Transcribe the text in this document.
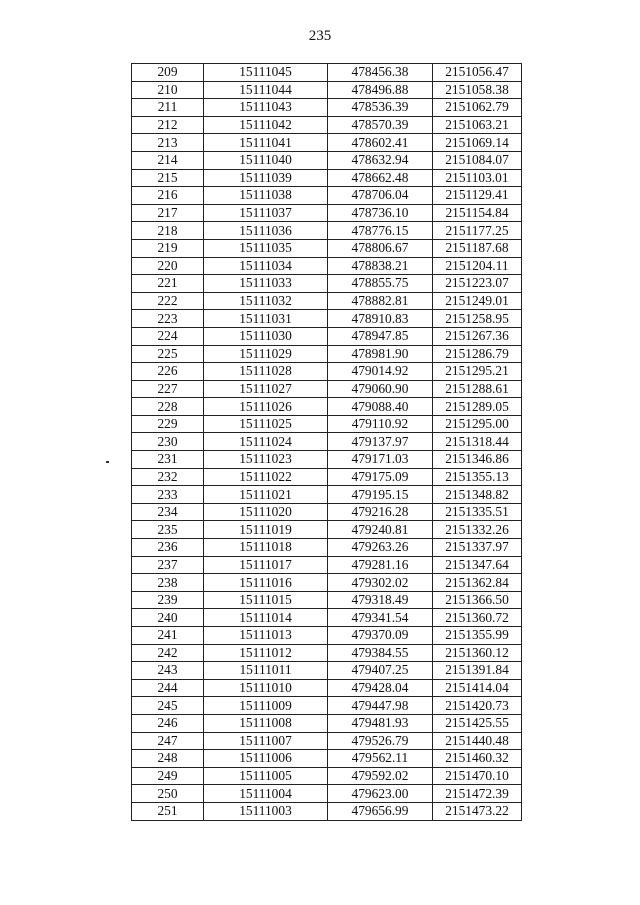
235
209	15111045	478456.38	2151056.47
210	15111044	478496.88	2151058.38
211	15111043	478536.39	2151062.79
212	15111042	478570.39	2151063.21
213	15111041	478602.41	2151069.14
214	15111040	478632.94	2151084.07
215	15111039	478662.48	2151103.01
216	15111038	478706.04	2151129.41
217	15111037	478736.10	2151154.84
218	15111036	478776.15	2151177.25
219	15111035	478806.67	2151187.68
220	15111034	478838.21	2151204.11
221	15111033	478855.75	2151223.07
222	15111032	478882.81	2151249.01
223	15111031	478910.83	2151258.95
224	15111030	478947.85	2151267.36
225	15111029	478981.90	2151286.79
226	15111028	479014.92	2151295.21
227	15111027	479060.90	2151288.61
228	15111026	479088.40	2151289.05
229	15111025	479110.92	2151295.00
230	15111024	479137.97	2151318.44
231	15111023	479171.03	2151346.86
232	15111022	479175.09	2151355.13
233	15111021	479195.15	2151348.82
234	15111020	479216.28	2151335.51
235	15111019	479240.81	2151332.26
236	15111018	479263.26	2151337.97
237	15111017	479281.16	2151347.64
238	15111016	479302.02	2151362.84
239	15111015	479318.49	2151366.50
240	15111014	479341.54	2151360.72
241	15111013	479370.09	2151355.99
242	15111012	479384.55	2151360.12
243	15111011	479407.25	2151391.84
244	15111010	479428.04	2151414.04
245	15111009	479447.98	2151420.73
246	15111008	479481.93	2151425.55
247	15111007	479526.79	2151440.48
248	15111006	479562.11	2151460.32
249	15111005	479592.02	2151470.10
250	15111004	479623.00	2151472.39
251	15111003	479656.99	2151473.22
